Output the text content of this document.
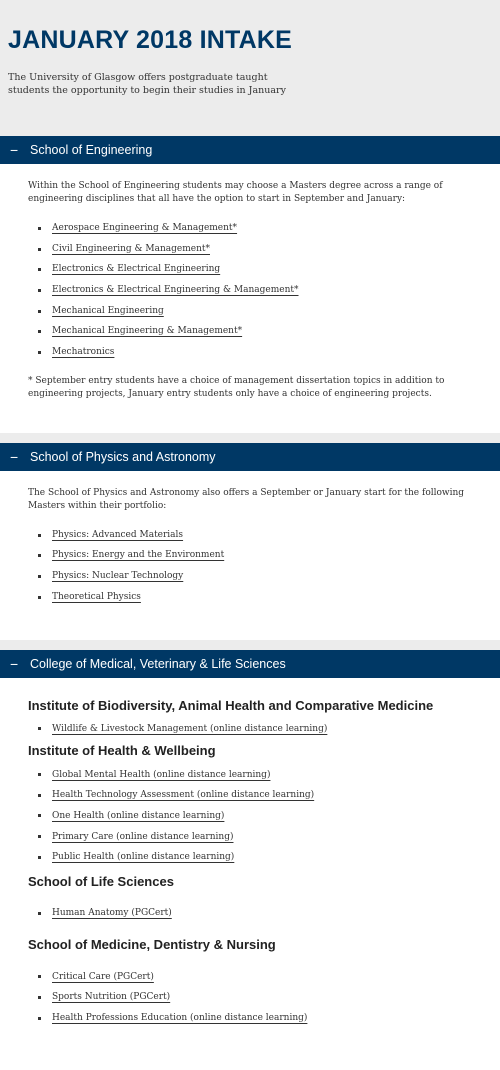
JANUARY 2018 INTAKE

The University of Glasgow offers postgraduate taught students the opportunity to begin their studies in January

− School of Engineering

Within the School of Engineering students may choose a Masters degree across a range of engineering disciplines that all have the option to start in September and January:

Aerospace Engineering & Management*
Civil Engineering & Management*
Electronics & Electrical Engineering
Electronics & Electrical Engineering & Management*
Mechanical Engineering
Mechanical Engineering & Management*
Mechatronics

* September entry students have a choice of management dissertation topics in addition to engineering projects, January entry students only have a choice of engineering projects.

− School of Physics and Astronomy

The School of Physics and Astronomy also offers a September or January start for the following Masters within their portfolio:

Physics: Advanced Materials
Physics: Energy and the Environment
Physics: Nuclear Technology
Theoretical Physics
− College of Medical, Veterinary & Life Sciences
Institute of Biodiversity, Animal Health and Comparative Medicine
Wildlife & Livestock Management (online distance learning)
Institute of Health & Wellbeing
Global Mental Health (online distance learning)
Health Technology Assessment (online distance learning)
One Health (online distance learning)
Primary Care (online distance learning)
Public Health (online distance learning)
School of Life Sciences
Human Anatomy (PGCert)
School of Medicine, Dentistry & Nursing
Critical Care (PGCert)
Sports Nutrition (PGCert)
Health Professions Education (online distance learning)
